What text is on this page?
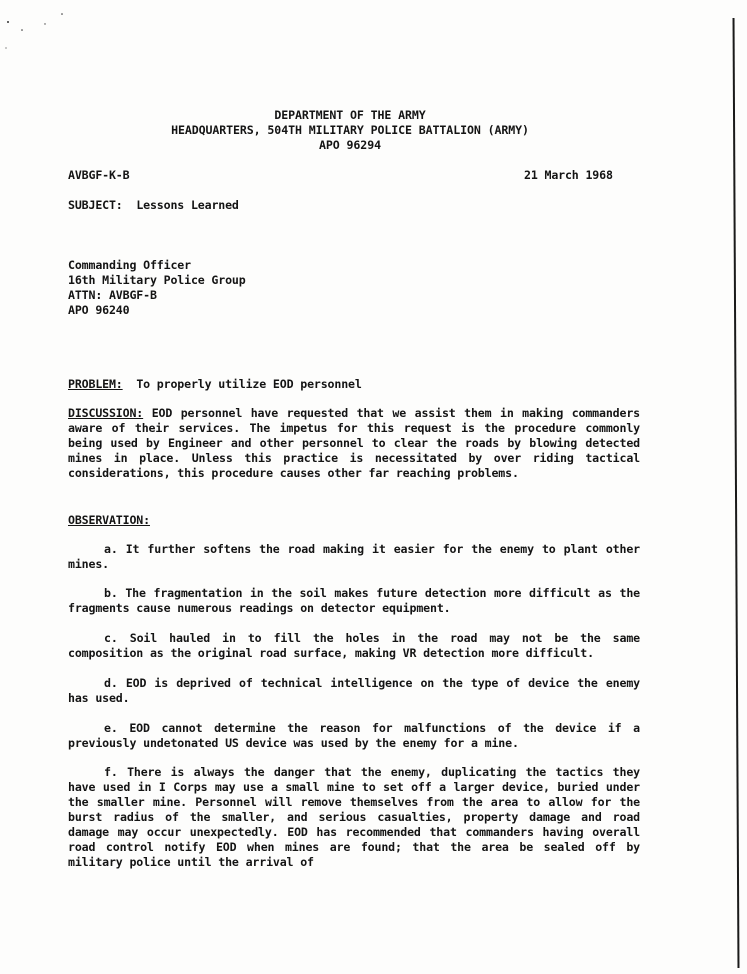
DEPARTMENT OF THE ARMY
HEADQUARTERS, 504TH MILITARY POLICE BATTALION (ARMY)
APO 96294
AVBGF-K-B	21 March 1968
SUBJECT: Lessons Learned
Commanding Officer
16th Military Police Group
ATTN: AVBGF-B
APO 96240
PROBLEM: To properly utilize EOD personnel
DISCUSSION: EOD personnel have requested that we assist them in making commanders aware of their services. The impetus for this request is the procedure commonly being used by Engineer and other personnel to clear the roads by blowing detected mines in place. Unless this practice is necessitated by over riding tactical considerations, this procedure causes other far reaching problems.
OBSERVATION:
a. It further softens the road making it easier for the enemy to plant other mines.
b. The fragmentation in the soil makes future detection more difficult as the fragments cause numerous readings on detector equipment.
c. Soil hauled in to fill the holes in the road may not be the same composition as the original road surface, making VR detection more difficult.
d. EOD is deprived of technical intelligence on the type of device the enemy has used.
e. EOD cannot determine the reason for malfunctions of the device if a previously undetonated US device was used by the enemy for a mine.
f. There is always the danger that the enemy, duplicating the tactics they have used in I Corps may use a small mine to set off a larger device, buried under the smaller mine. Personnel will remove themselves from the area to allow for the burst radius of the smaller, and serious casualties, property damage and road damage may occur unexpectedly. EOD has recommended that commanders having overall road control notify EOD when mines are found; that the area be sealed off by military police until the arrival of
